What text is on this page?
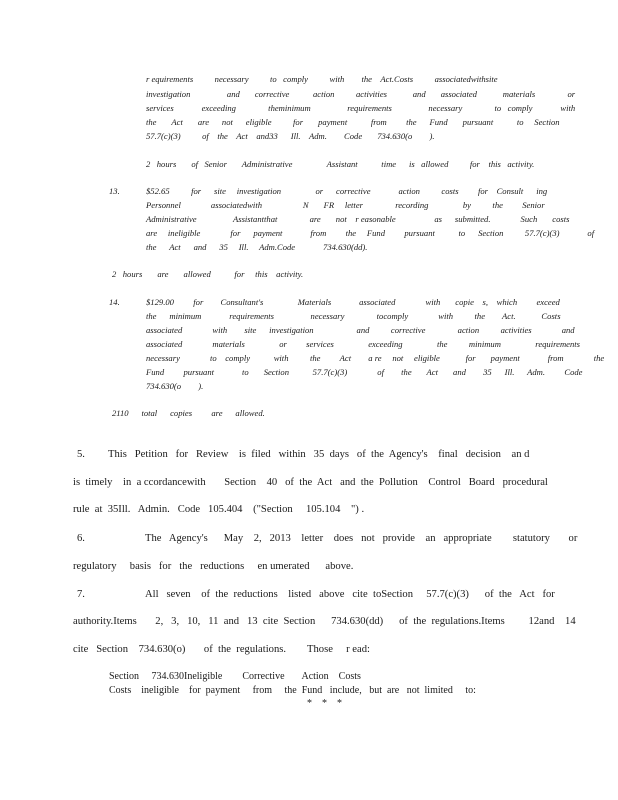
r equirements          necessary          to   comply          with        the    Act.Costs          associatedwithsite
investigation                 and       corrective           action          activities            and       associated            materials               or
services             exceeding               theminimum                 requirements                 necessary               to   comply             with
the       Act       are      not      eligible          for       payment           from         the      Fund       pursuant           to     Section
57.7(c)(3)          of    the    Act    and33      Ill.    Adm.        Code       734.630(o        ).
2   hours       of   Senior       Administrative                Assistant           time      is   allowed          for    this   activity.
13.	$52.65          for      site     investigation                or      corrective             action          costs         for    Consult      ing
Personnel              associatedwith                   N       FR     letter               recording                by          the         Senior
Administrative                 Assistantthat               are       not    r easonable                  as      submitted.              Such       costs
are     ineligible              for      payment             from         the     Fund         pursuant           to      Section          57.7(c)(3)             of
the      Act      and      35     Ill.     Adm.Code             734.630(dd).
2   hours       are       allowed           for     this    activity.
14.	$129.00         for        Consultant's                Materials             associated              with       copie    s,    which         exceed
the      minimum             requirements                 necessary               tocomply              with          the        Act.            Costs
associated              with        site      investigation                    and          corrective               action          activities              and
associated              materials                or         services                exceeding                the          minimum                requirements
necessary              to    comply           with          the         Act        a re     not     eligible            for       payment             from              the
Fund         pursuant             to       Section           57.7(c)(3)              of        the       Act       and        35      Ill.      Adm.         Code
734.630(o        ).
2110      total      copies         are      allowed.
5. This   Petition   for   Review    is  filed   within   35  days   of  the  Agency's    final   decision    an d
is  timely    in  a ccordancewith       Section    40   of  the  Act   and  the  Pollution    Control   Board   procedural
rule  at  35Ill.   Admin.   Code   105.404    ("Section     105.104    ") .
6.	The   Agency's      May    2,   2013    letter    does   not   provide    an   appropriate        statutory       or
regulatory     basis   for   the   reductions     en umerated      above.
7.	All   seven    of  the  reductions    listed   above   cite  toSection     57.7(c)(3)      of  the   Act   for
authority.Items       2,   3,   10,   11  and   13  cite  Section      734.630(dd)      of  the  regulations.Items         12and    14
cite   Section    734.630(o)       of  the  regulations.        Those     r ead:
Section     734.630Ineligible        Corrective       Action    Costs
Costs    ineligible    for  payment     from     the  Fund   include,   but  are   not  limited     to:
*    *    *
